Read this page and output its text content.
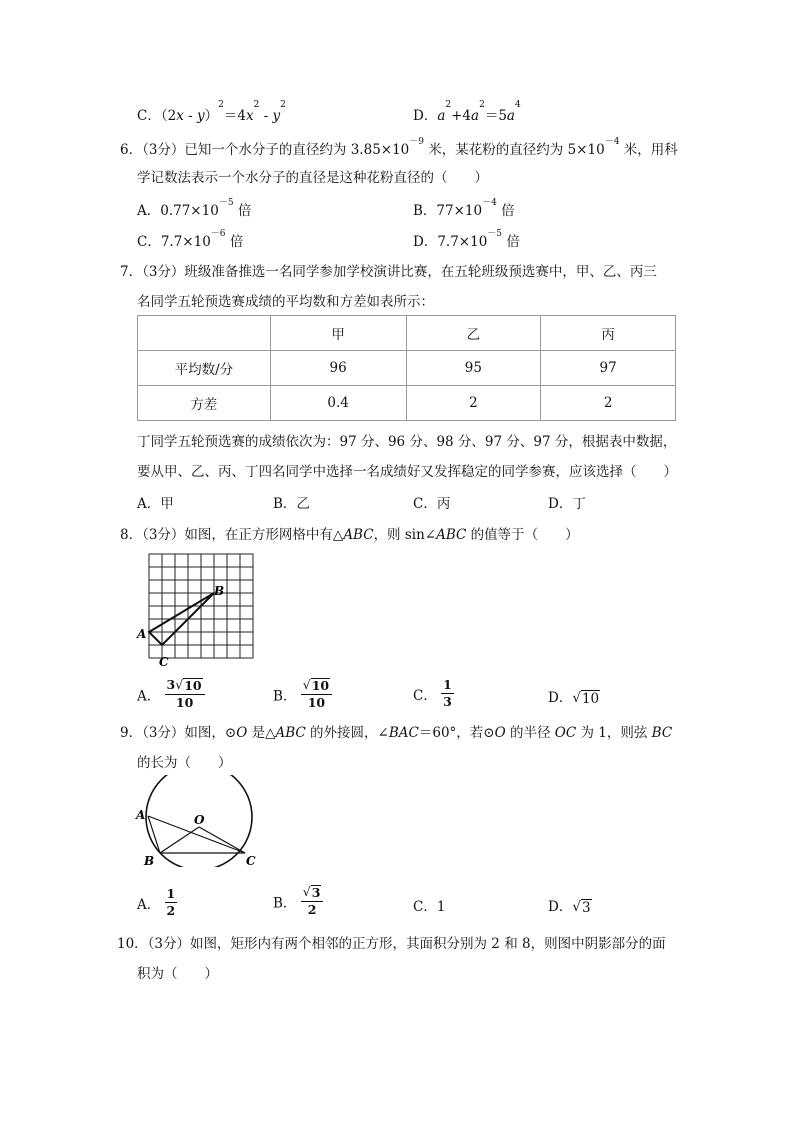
C．$(2x - y)^2=4x^2 - y^2$
D．$a^2+4a^2=5a^4$
6．（3分）已知一个水分子的直径约为 $3.85\times 10^{-9}$ 米，某花粉的直径约为 $5\times 10^{-4}$ 米，用科
学记数法表示一个水分子的直径是这种花粉直径的（　　）
A．$0.77\times 10^{-5}$ 倍	B．$77\times 10^{-4}$ 倍
C．$7.7\times 10^{-6}$ 倍	D．$7.7\times 10^{-5}$ 倍
7．（3分）班级准备推选一名同学参加学校演讲比赛，在五轮班级预选赛中，甲、乙、丙三
名同学五轮预选赛成绩的平均数和方差如表所示：
	甲	乙	丙
平均数/分	96	95	97
方差	0.4	2	2
丁同学五轮预选赛的成绩依次为：97 分、96 分、98 分、97 分、97 分，根据表中数据，
要从甲、乙、丙、丁四名同学中选择一名成绩好又发挥稳定的同学参赛，应该选择（　　）
A．甲	B．乙	C．丙	D．丁
8．（3分）如图，在正方形网格中有△ABC，则 sin∠ABC 的值等于（　　）
A
B
C
A． $\frac{3 √ 10}{10}$	B． $\frac{√ 10}{10}$	C． $\frac{1}{3}$	D． √ 10
9．（3分）如图，⊙O 是△ABC 的外接圆，∠BAC＝60°，若⊙O 的半径 OC 为 1，则弦 BC
的长为（　　）
A
B	C
O
A． $\frac{1}{2}$	B． $\frac{√ 3}{2}$	C．1	D． √ 3
10．（3分）如图，矩形内有两个相邻的正方形，其面积分别为 2 和 8，则图中阴影部分的面
积为（　　）
